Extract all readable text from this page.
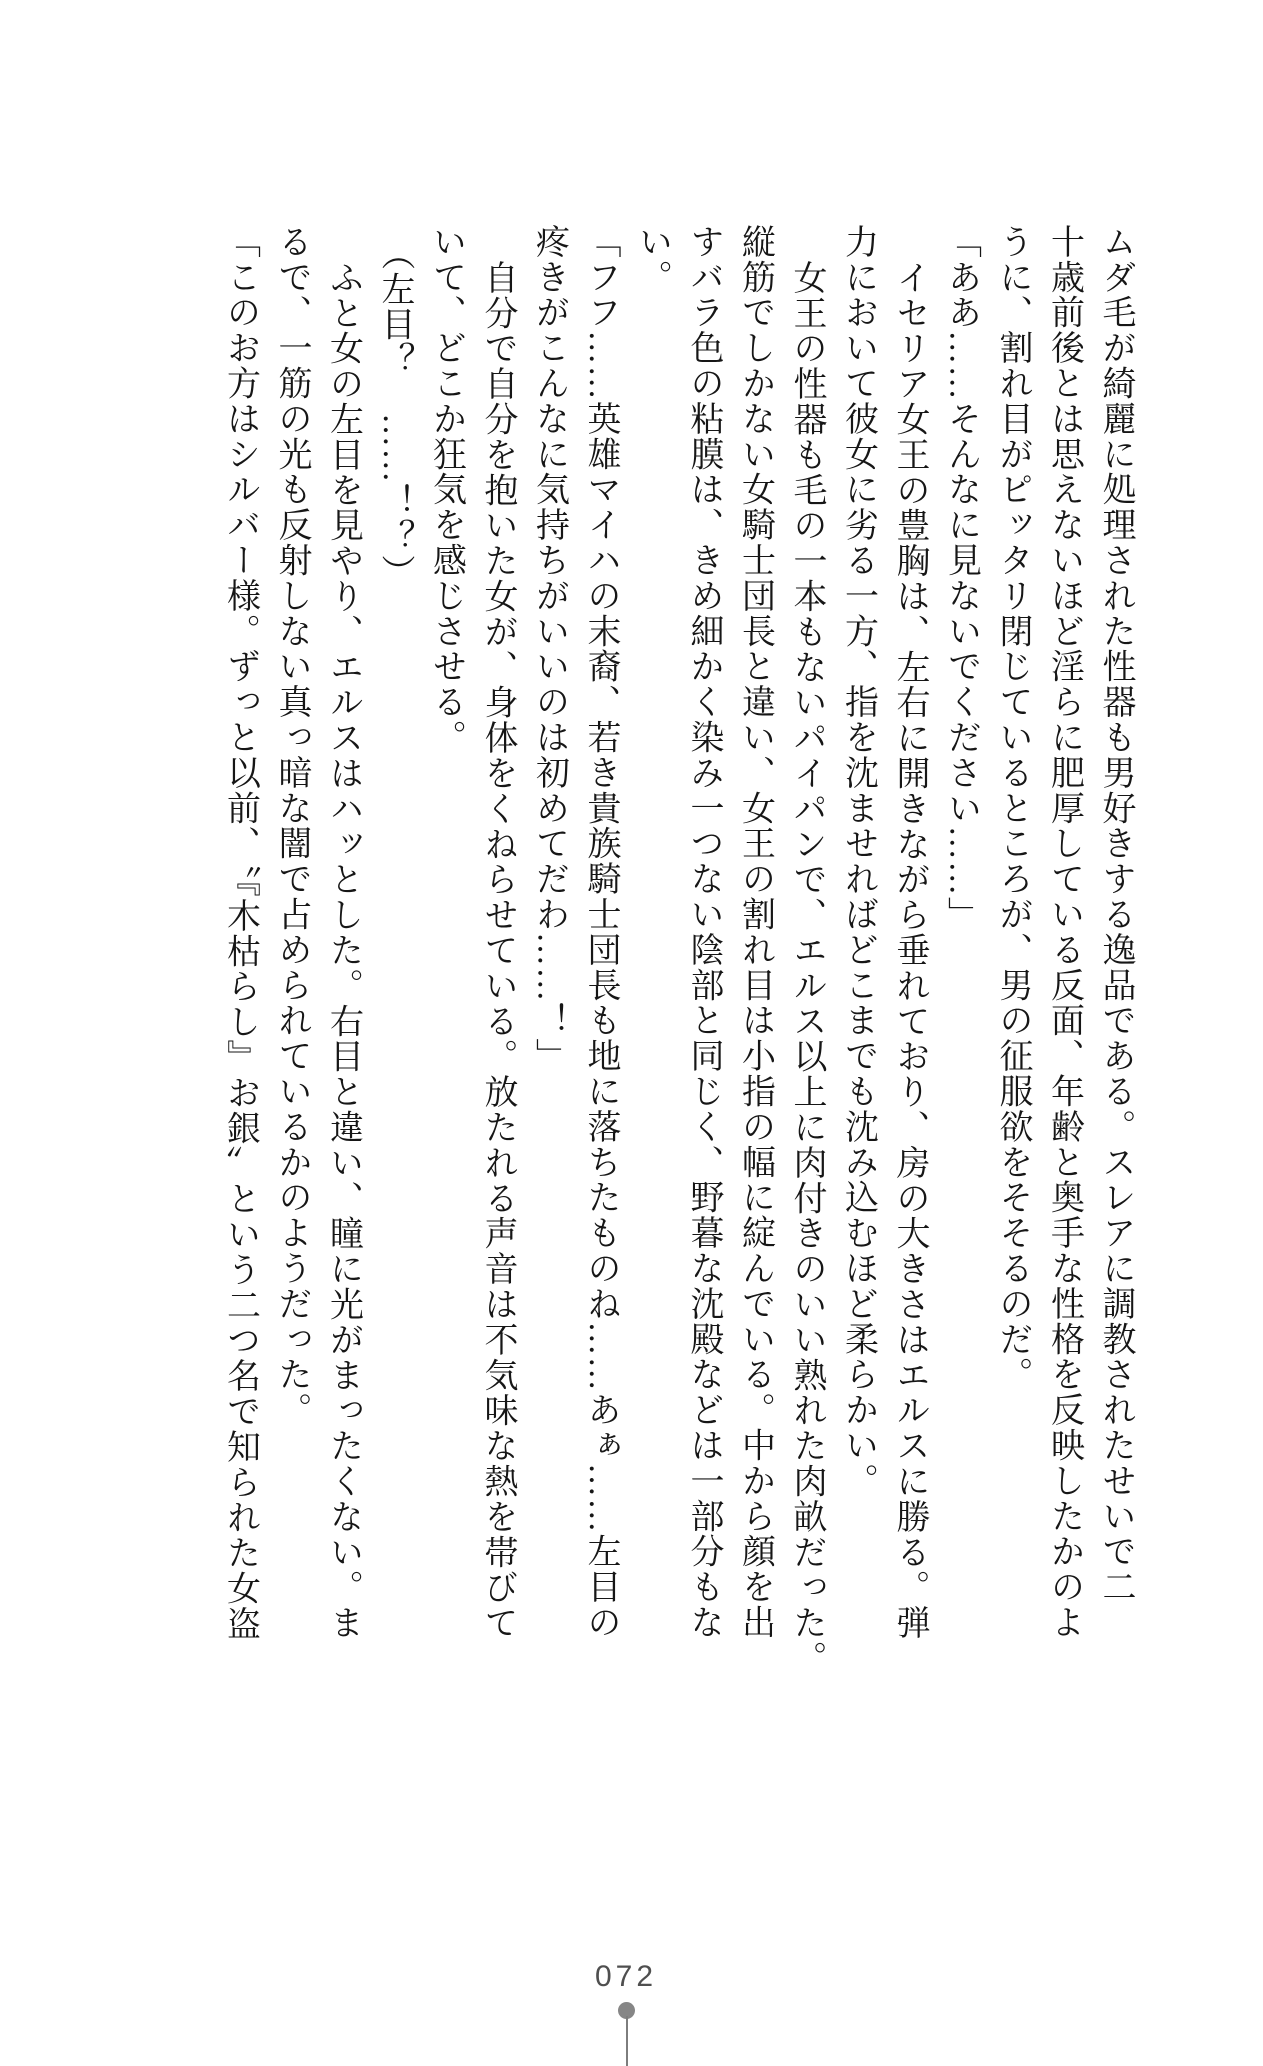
ムダ毛が綺麗に処理された性器も男好きする逸品である。スレアに調教されたせいで二
十歳前後とは思えないほど淫らに肥厚している反面、年齢と奥手な性格を反映したかのよ
うに、割れ目がピッタリ閉じているところが、男の征服欲をそそるのだ。
「ああ……そんなに見ないでください……」
イセリア女王の豊胸は、左右に開きながら垂れており、房の大きさはエルスに勝る。弾
力において彼女に劣る一方、指を沈ませればどこまでも沈み込むほど柔らかい。
女王の性器も毛の一本もないパイパンで、エルス以上に肉付きのいい熟れた肉畝だった。
縦筋でしかない女騎士団長と違い、女王の割れ目は小指の幅に綻んでいる。中から顔を出
すバラ色の粘膜は、きめ細かく染み一つない陰部と同じく、野暮な沈殿などは一部分もな
い。
「フフ……英雄マイハの末裔、若き貴族騎士団長も地に落ちたものね……あぁ……左目の
疼きがこんなに気持ちがいいのは初めてだわ……！」
自分で自分を抱いた女が、身体をくねらせている。放たれる声音は不気味な熱を帯びて
いて、どこか狂気を感じさせる。
（左目？　……！？）
ふと女の左目を見やり、エルスはハッとした。右目と違い、瞳に光がまったくない。ま
るで、一筋の光も反射しない真っ暗な闇で占められているかのようだった。
「このお方はシルバー様。ずっと以前、〝『木枯らし』お銀〟という二つ名で知られた女盗
072
